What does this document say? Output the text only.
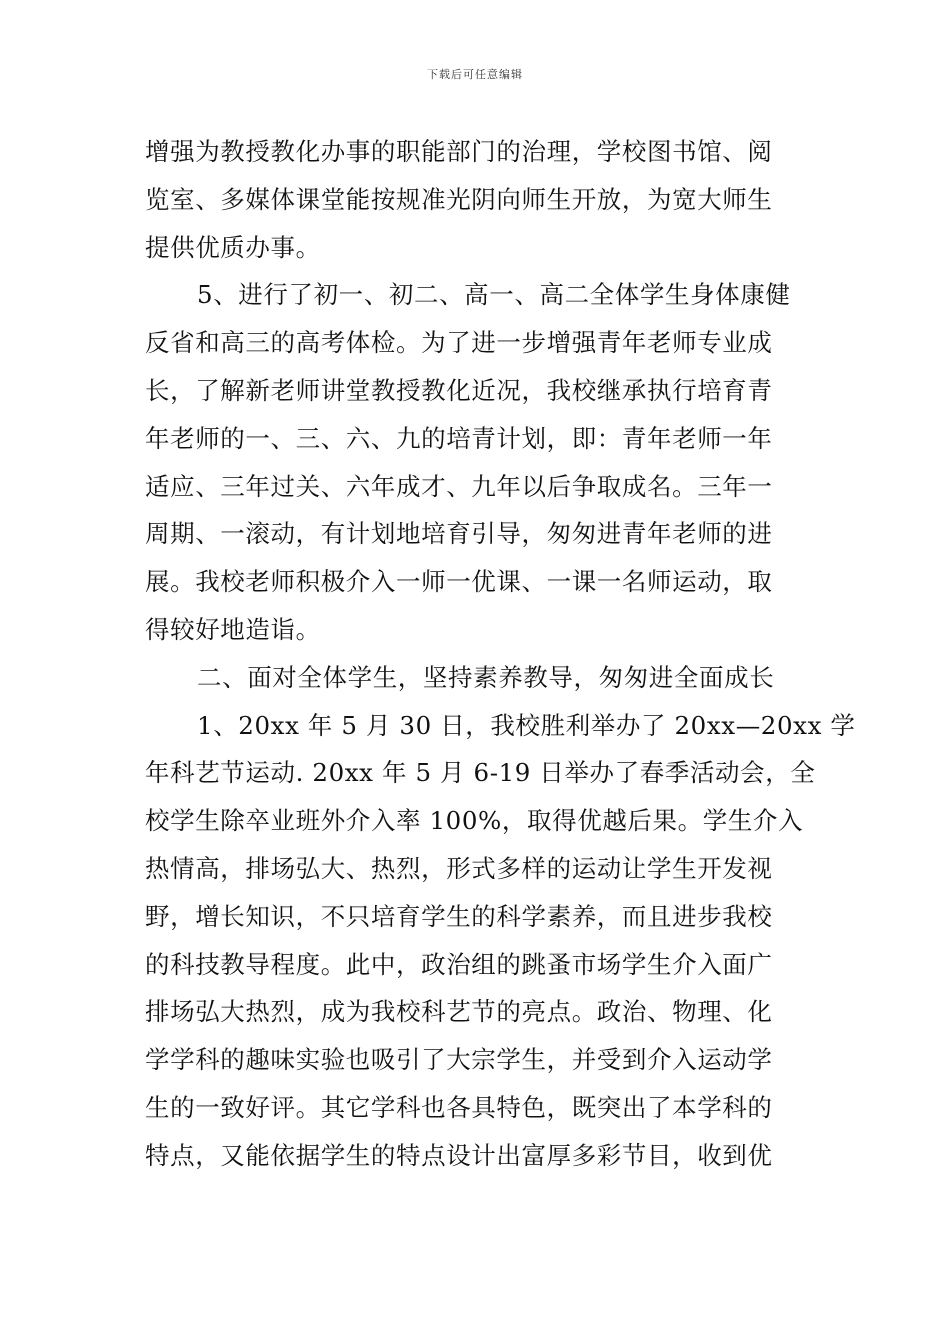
下载后可任意编辑
增强为教授教化办事的职能部门的治理，学校图书馆、阅
览室、多媒体课堂能按规准光阴向师生开放，为宽大师生
提供优质办事。
5、进行了初一、初二、高一、高二全体学生身体康健
反省和高三的高考体检。为了进一步增强青年老师专业成
长，了解新老师讲堂教授教化近况，我校继承执行培育青
年老师的一、三、六、九的培青计划，即：青年老师一年
适应、三年过关、六年成才、九年以后争取成名。三年一
周期、一滚动，有计划地培育引导，匆匆进青年老师的进
展。我校老师积极介入一师一优课、一课一名师运动，取
得较好地造诣。
二、面对全体学生，坚持素养教导，匆匆进全面成长
1、20xx 年 5 月 30 日，我校胜利举办了 20xx—20xx 学
年科艺节运动. 20xx 年 5 月 6-19 日举办了春季活动会，全
校学生除卒业班外介入率 100%，取得优越后果。学生介入
热情高，排场弘大、热烈，形式多样的运动让学生开发视
野，增长知识，不只培育学生的科学素养，而且进步我校
的科技教导程度。此中，政治组的跳蚤市场学生介入面广
排场弘大热烈，成为我校科艺节的亮点。政治、物理、化
学学科的趣味实验也吸引了大宗学生，并受到介入运动学
生的一致好评。其它学科也各具特色，既突出了本学科的
特点，又能依据学生的特点设计出富厚多彩节目，收到优
